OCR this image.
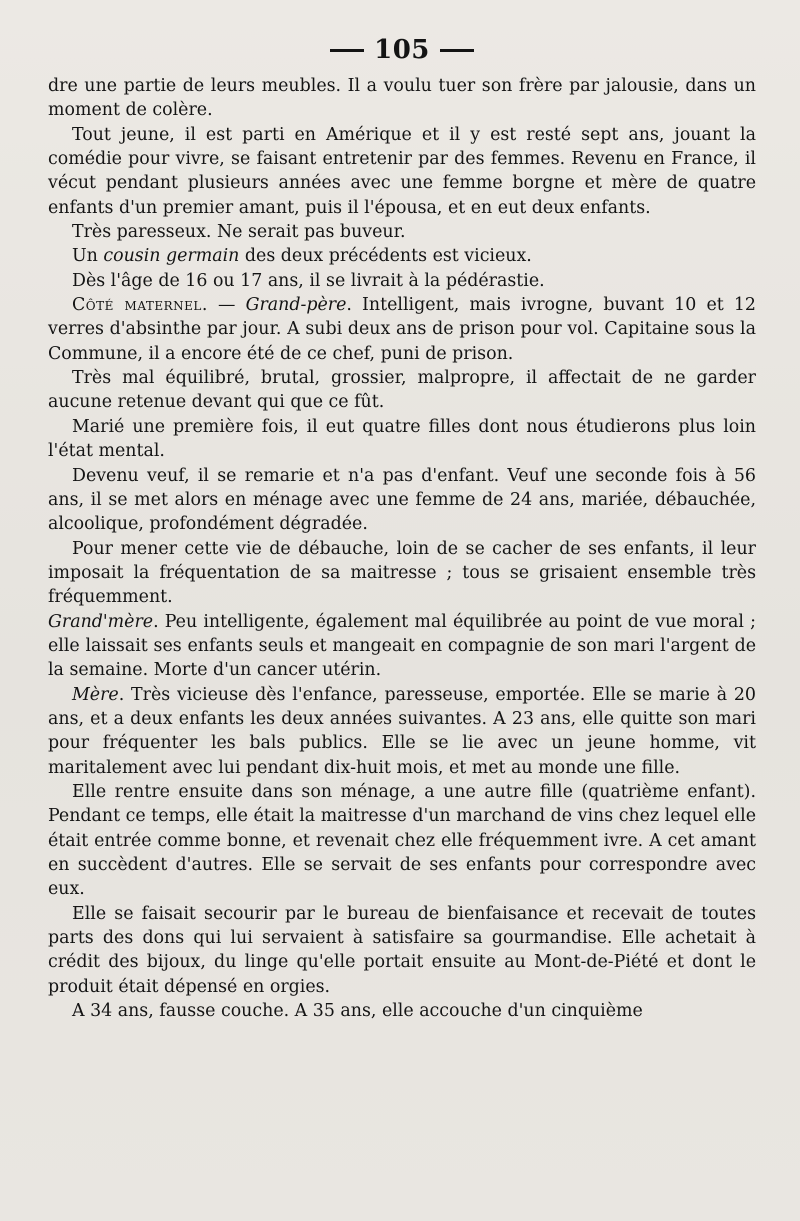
105

dre une partie de leurs meubles. Il a voulu tuer son frère par jalousie, dans un moment de colère.

Tout jeune, il est parti en Amérique et il y est resté sept ans, jouant la comédie pour vivre, se faisant entretenir par des femmes. Revenu en France, il vécut pendant plusieurs années avec une femme borgne et mère de quatre enfants d'un premier amant, puis il l'épousa, et en eut deux enfants.

Très paresseux. Ne serait pas buveur.

Un cousin germain des deux précédents est vicieux.

Dès l'âge de 16 ou 17 ans, il se livrait à la pédérastie.

Côté maternel. — Grand-père. Intelligent, mais ivrogne, buvant 10 et 12 verres d'absinthe par jour. A subi deux ans de prison pour vol. Capitaine sous la Commune, il a encore été de ce chef, puni de prison.

Très mal équilibré, brutal, grossier, malpropre, il affectait de ne garder aucune retenue devant qui que ce fût.

Marié une première fois, il eut quatre filles dont nous étudierons plus loin l'état mental.

Devenu veuf, il se remarie et n'a pas d'enfant. Veuf une seconde fois à 56 ans, il se met alors en ménage avec une femme de 24 ans, mariée, débauchée, alcoolique, profondément dégradée.

Pour mener cette vie de débauche, loin de se cacher de ses enfants, il leur imposait la fréquentation de sa maitresse ; tous se grisaient ensemble très fréquemment.

Grand'mère. Peu intelligente, également mal équilibrée au point de vue moral ; elle laissait ses enfants seuls et mangeait en compagnie de son mari l'argent de la semaine. Morte d'un cancer utérin.

Mère. Très vicieuse dès l'enfance, paresseuse, emportée. Elle se marie à 20 ans, et a deux enfants les deux années suivantes. A 23 ans, elle quitte son mari pour fréquenter les bals publics. Elle se lie avec un jeune homme, vit maritalement avec lui pendant dix-huit mois, et met au monde une fille.

Elle rentre ensuite dans son ménage, a une autre fille (quatrième enfant). Pendant ce temps, elle était la maitresse d'un marchand de vins chez lequel elle était entrée comme bonne, et revenait chez elle fréquemment ivre. A cet amant en succèdent d'autres. Elle se servait de ses enfants pour correspondre avec eux.

Elle se faisait secourir par le bureau de bienfaisance et recevait de toutes parts des dons qui lui servaient à satisfaire sa gourmandise. Elle achetait à crédit des bijoux, du linge qu'elle portait ensuite au Mont-de-Piété et dont le produit était dépensé en orgies.

A 34 ans, fausse couche. A 35 ans, elle accouche d'un cinquième
